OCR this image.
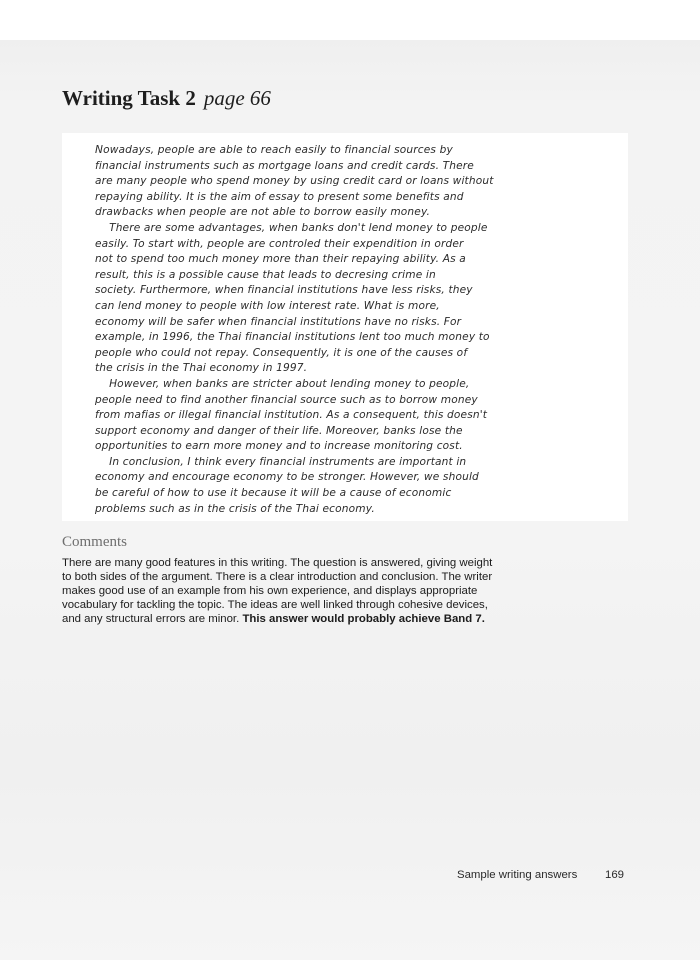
Writing Task 2 page 66
Nowadays, people are able to reach easily to financial sources by
financial instruments such as mortgage loans and credit cards. There
are many people who spend money by using credit card or loans without
repaying ability. It is the aim of essay to present some benefits and
drawbacks when people are not able to borrow easily money.
There are some advantages, when banks don't lend money to people
easily. To start with, people are controled their expendition in order
not to spend too much money more than their repaying ability. As a
result, this is a possible cause that leads to decresing crime in
society. Furthermore, when financial institutions have less risks, they
can lend money to people with low interest rate. What is more,
economy will be safer when financial institutions have no risks. For
example, in 1996, the Thai financial institutions lent too much money to
people who could not repay. Consequently, it is one of the causes of
the crisis in the Thai economy in 1997.
However, when banks are stricter about lending money to people,
people need to find another financial source such as to borrow money
from mafias or illegal financial institution. As a consequent, this doesn't
support economy and danger of their life. Moreover, banks lose the
opportunities to earn more money and to increase monitoring cost.
In conclusion, I think every financial instruments are important in
economy and encourage economy to be stronger. However, we should
be careful of how to use it because it will be a cause of economic
problems such as in the crisis of the Thai economy.
Comments
There are many good features in this writing. The question is answered, giving weight
to both sides of the argument. There is a clear introduction and conclusion. The writer
makes good use of an example from his own experience, and displays appropriate
vocabulary for tackling the topic. The ideas are well linked through cohesive devices,
and any structural errors are minor. This answer would probably achieve Band 7.
Sample writing answers 169
